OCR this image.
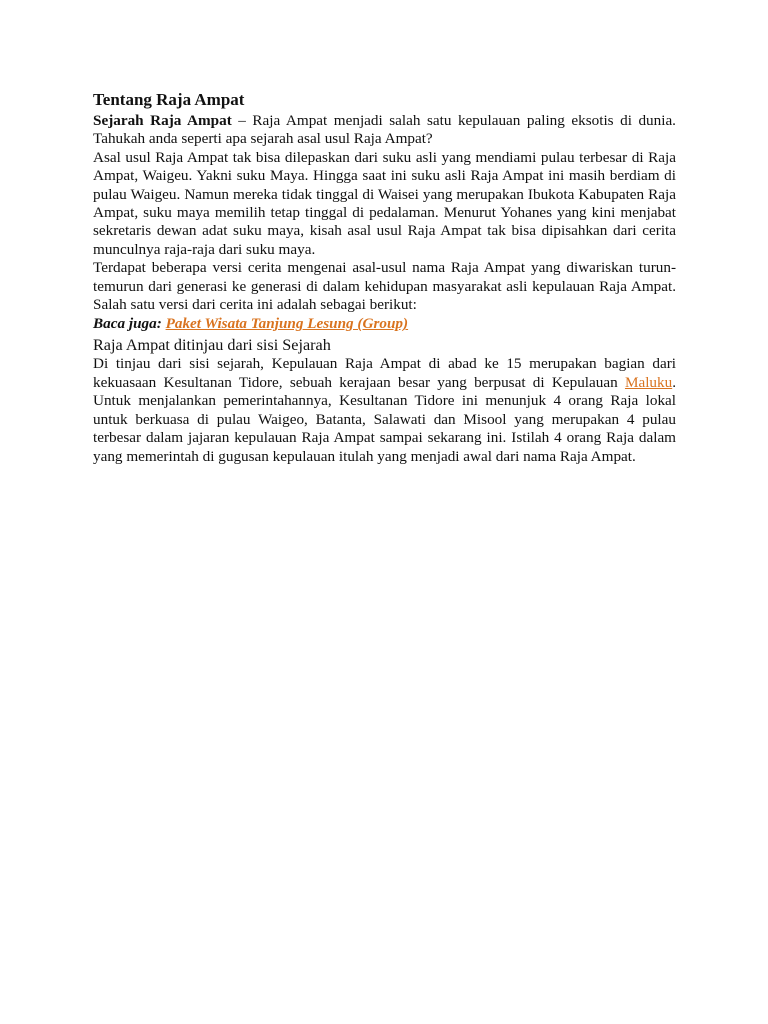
Tentang Raja Ampat

Sejarah Raja Ampat – Raja Ampat menjadi salah satu kepulauan paling eksotis di dunia. Tahukah anda seperti apa sejarah asal usul Raja Ampat?

Asal usul Raja Ampat tak bisa dilepaskan dari suku asli yang mendiami pulau terbesar di Raja Ampat, Waigeu. Yakni suku Maya. Hingga saat ini suku asli Raja Ampat ini masih berdiam di pulau Waigeu. Namun mereka tidak tinggal di Waisei yang merupakan Ibukota Kabupaten Raja Ampat, suku maya memilih tetap tinggal di pedalaman. Menurut Yohanes yang kini menjabat sekretaris dewan adat suku maya, kisah asal usul Raja Ampat tak bisa dipisahkan dari cerita munculnya raja-raja dari suku maya.

Terdapat beberapa versi cerita mengenai asal-usul nama Raja Ampat yang diwariskan turun-temurun dari generasi ke generasi di dalam kehidupan masyarakat asli kepulauan Raja Ampat. Salah satu versi dari cerita ini adalah sebagai berikut:

Baca juga: Paket Wisata Tanjung Lesung (Group)

Raja Ampat ditinjau dari sisi Sejarah

Di tinjau dari sisi sejarah, Kepulauan Raja Ampat di abad ke 15 merupakan bagian dari kekuasaan Kesultanan Tidore, sebuah kerajaan besar yang berpusat di Kepulauan Maluku. Untuk menjalankan pemerintahannya, Kesultanan Tidore ini menunjuk 4 orang Raja lokal untuk berkuasa di pulau Waigeo, Batanta, Salawati dan Misool yang merupakan 4 pulau terbesar dalam jajaran kepulauan Raja Ampat sampai sekarang ini. Istilah 4 orang Raja dalam yang memerintah di gugusan kepulauan itulah yang menjadi awal dari nama Raja Ampat.
